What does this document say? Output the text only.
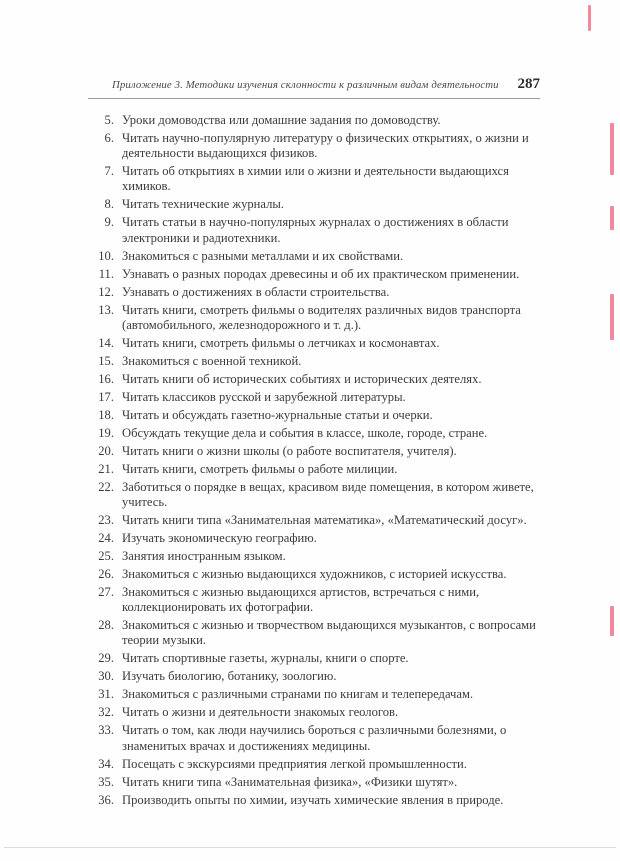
Приложение 3. Методики изучения склонности к различным видам деятельности	287
5. Уроки домоводства или домашние задания по домоводству.
6. Читать научно-популярную литературу о физических открытиях, о жизни и деятельности выдающихся физиков.
7. Читать об открытиях в химии или о жизни и деятельности выдающихся химиков.
8. Читать технические журналы.
9. Читать статьи в научно-популярных журналах о достижениях в области электроники и радиотехники.
10. Знакомиться с разными металлами и их свойствами.
11. Узнавать о разных породах древесины и об их практическом применении.
12. Узнавать о достижениях в области строительства.
13. Читать книги, смотреть фильмы о водителях различных видов транспорта (автомобильного, железнодорожного и т. д.).
14. Читать книги, смотреть фильмы о летчиках и космонавтах.
15. Знакомиться с военной техникой.
16. Читать книги об исторических событиях и исторических деятелях.
17. Читать классиков русской и зарубежной литературы.
18. Читать и обсуждать газетно-журнальные статьи и очерки.
19. Обсуждать текущие дела и события в классе, школе, городе, стране.
20. Читать книги о жизни школы (о работе воспитателя, учителя).
21. Читать книги, смотреть фильмы о работе милиции.
22. Заботиться о порядке в вещах, красивом виде помещения, в котором живете, учитесь.
23. Читать книги типа «Занимательная математика», «Математический досуг».
24. Изучать экономическую географию.
25. Занятия иностранным языком.
26. Знакомиться с жизнью выдающихся художников, с историей искусства.
27. Знакомиться с жизнью выдающихся артистов, встречаться с ними, коллекционировать их фотографии.
28. Знакомиться с жизнью и творчеством выдающихся музыкантов, с вопросами теории музыки.
29. Читать спортивные газеты, журналы, книги о спорте.
30. Изучать биологию, ботанику, зоологию.
31. Знакомиться с различными странами по книгам и телепередачам.
32. Читать о жизни и деятельности знакомых геологов.
33. Читать о том, как люди научились бороться с различными болезнями, о знаменитых врачах и достижениях медицины.
34. Посещать с экскурсиями предприятия легкой промышленности.
35. Читать книги типа «Занимательная физика», «Физики шутят».
36. Производить опыты по химии, изучать химические явления в природе.
